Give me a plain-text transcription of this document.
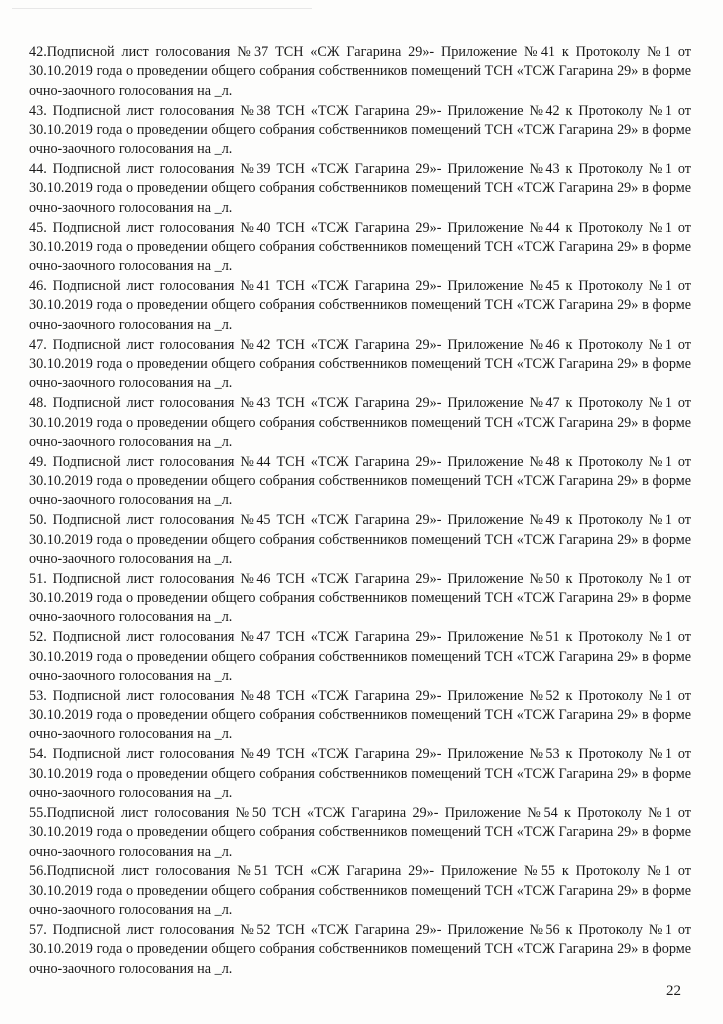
42.Подписной лист голосования №37 ТСН «СЖ Гагарина 29»- Приложение №41 к Протоколу №1 от 30.10.2019 года о проведении общего собрания собственников помещений ТСН «ТСЖ Гагарина 29» в форме очно-заочного голосования на _л.

43. Подписной лист голосования №38 ТСН «ТСЖ Гагарина 29»- Приложение №42 к Протоколу №1 от 30.10.2019 года о проведении общего собрания собственников помещений ТСН «ТСЖ Гагарина 29» в форме очно-заочного голосования на _л.

44. Подписной лист голосования №39 ТСН «ТСЖ Гагарина 29»- Приложение №43 к Протоколу №1 от 30.10.2019 года о проведении общего собрания собственников помещений ТСН «ТСЖ Гагарина 29» в форме очно-заочного голосования на _л.

45. Подписной лист голосования №40 ТСН «ТСЖ Гагарина 29»- Приложение №44 к Протоколу №1 от 30.10.2019 года о проведении общего собрания собственников помещений ТСН «ТСЖ Гагарина 29» в форме очно-заочного голосования на _л.

46. Подписной лист голосования №41 ТСН «ТСЖ Гагарина 29»- Приложение №45 к Протоколу №1 от 30.10.2019 года о проведении общего собрания собственников помещений ТСН «ТСЖ Гагарина 29» в форме очно-заочного голосования на _л.

47. Подписной лист голосования №42 ТСН «ТСЖ Гагарина 29»- Приложение №46 к Протоколу №1 от 30.10.2019 года о проведении общего собрания собственников помещений ТСН «ТСЖ Гагарина 29» в форме очно-заочного голосования на _л.

48. Подписной лист голосования №43 ТСН «ТСЖ Гагарина 29»- Приложение №47 к Протоколу №1 от 30.10.2019 года о проведении общего собрания собственников помещений ТСН «ТСЖ Гагарина 29» в форме очно-заочного голосования на _л.

49. Подписной лист голосования №44 ТСН «ТСЖ Гагарина 29»- Приложение №48 к Протоколу №1 от 30.10.2019 года о проведении общего собрания собственников помещений ТСН «ТСЖ Гагарина 29» в форме очно-заочного голосования на _л.

50. Подписной лист голосования №45 ТСН «ТСЖ Гагарина 29»- Приложение №49 к Протоколу №1 от 30.10.2019 года о проведении общего собрания собственников помещений ТСН «ТСЖ Гагарина 29» в форме очно-заочного голосования на _л.

51. Подписной лист голосования №46 ТСН «ТСЖ Гагарина 29»- Приложение №50 к Протоколу №1 от 30.10.2019 года о проведении общего собрания собственников помещений ТСН «ТСЖ Гагарина 29» в форме очно-заочного голосования на _л.

52. Подписной лист голосования №47 ТСН «ТСЖ Гагарина 29»- Приложение №51 к Протоколу №1 от 30.10.2019 года о проведении общего собрания собственников помещений ТСН «ТСЖ Гагарина 29» в форме очно-заочного голосования на _л.

53. Подписной лист голосования №48 ТСН «ТСЖ Гагарина 29»- Приложение №52 к Протоколу №1 от 30.10.2019 года о проведении общего собрания собственников помещений ТСН «ТСЖ Гагарина 29» в форме очно-заочного голосования на _л.

54. Подписной лист голосования №49 ТСН «ТСЖ Гагарина 29»- Приложение №53 к Протоколу №1 от 30.10.2019 года о проведении общего собрания собственников помещений ТСН «ТСЖ Гагарина 29» в форме очно-заочного голосования на _л.

55.Подписной лист голосования №50 ТСН «ТСЖ Гагарина 29»- Приложение №54 к Протоколу №1 от 30.10.2019 года о проведении общего собрания собственников помещений ТСН «ТСЖ Гагарина 29» в форме очно-заочного голосования на _л.

56.Подписной лист голосования №51 ТСН «СЖ Гагарина 29»- Приложение №55 к Протоколу №1 от 30.10.2019 года о проведении общего собрания собственников помещений ТСН «ТСЖ Гагарина 29» в форме очно-заочного голосования на _л.

57. Подписной лист голосования №52 ТСН «ТСЖ Гагарина 29»- Приложение №56 к Протоколу №1 от 30.10.2019 года о проведении общего собрания собственников помещений ТСН «ТСЖ Гагарина 29» в форме очно-заочного голосования на _л.

22
